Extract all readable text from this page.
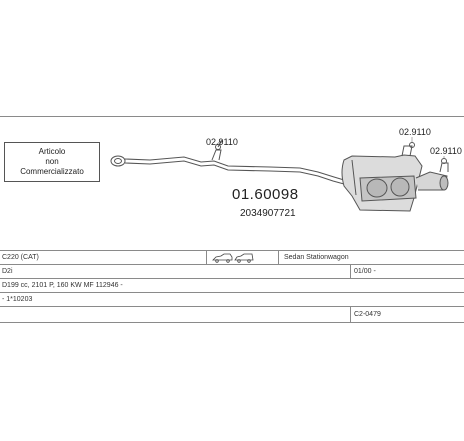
Articolo
non
Commercializzato
02.9110
02.9110
02.9110
01.60098
2034907721
C220 (CAT)	Sedan Stationwagon
D2i	01/00 -
D199 cc, 2101 P, 160 KW MF 112946 -
- 1*10203
C2-0479
